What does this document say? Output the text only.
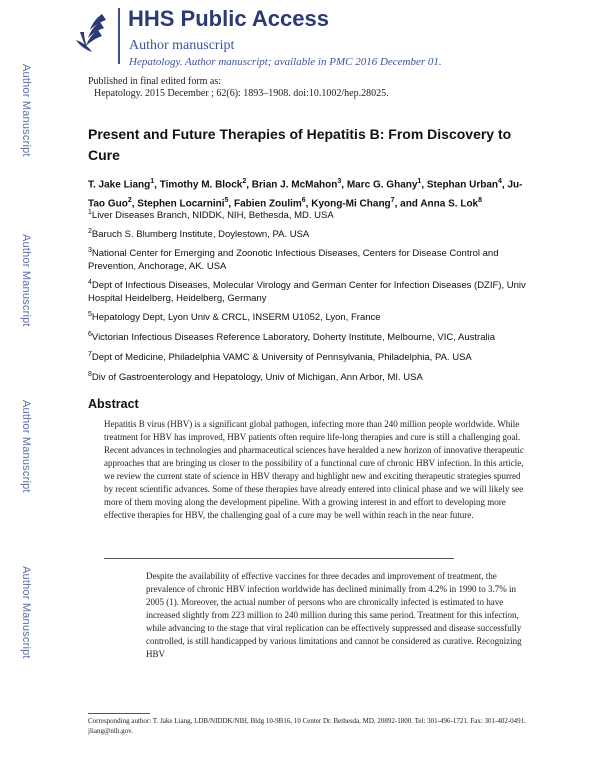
Author Manuscript
Author Manuscript
Author Manuscript
Author Manuscript
HHS Public Access
Author manuscript
Hepatology. Author manuscript; available in PMC 2016 December 01.
Published in final edited form as:
Hepatology. 2015 December ; 62(6): 1893–1908. doi:10.1002/hep.28025.
Present and Future Therapies of Hepatitis B: From Discovery to Cure
T. Jake Liang$^1$, Timothy M. Block$^2$, Brian J. McMahon$^3$, Marc G. Ghany$^1$, Stephan Urban$^4$, Ju-Tao Guo$^2$, Stephen Locarnini$^5$, Fabien Zoulim$^6$, Kyong-Mi Chang$^7$, and Anna S. Lok$^8$
$^1$Liver Diseases Branch, NIDDK, NIH, Bethesda, MD. USA
$^2$Baruch S. Blumberg Institute, Doylestown, PA. USA
$^3$National Center for Emerging and Zoonotic Infectious Diseases, Centers for Disease Control and Prevention, Anchorage, AK. USA
$^4$Dept of Infectious Diseases, Molecular Virology and German Center for Infection Diseases (DZIF), Univ Hospital Heidelberg, Heidelberg, Germany
$^5$Hepatology Dept, Lyon Univ & CRCL, INSERM U1052, Lyon, France
$^6$Victorian Infectious Diseases Reference Laboratory, Doherty Institute, Melbourne, VIC, Australia
$^7$Dept of Medicine, Philadelphia VAMC & University of Pennsylvania, Philadelphia, PA. USA
$^8$Div of Gastroenterology and Hepatology, Univ of Michigan, Ann Arbor, MI. USA
Abstract
Hepatitis B virus (HBV) is a significant global pathogen, infecting more than 240 million people worldwide. While treatment for HBV has improved, HBV patients often require life-long therapies and cure is still a challenging goal. Recent advances in technologies and pharmaceutical sciences have heralded a new horizon of innovative therapeutic approaches that are bringing us closer to the possibility of a functional cure of chronic HBV infection. In this article, we review the current state of science in HBV therapy and highlight new and exciting therapeutic strategies spurred by recent scientific advances. Some of these therapies have already entered into clinical phase and we will likely see more of them moving along the development pipeline. With a growing interest in and effort to developing more effective therapies for HBV, the challenging goal of a cure may be well within reach in the near future.
Despite the availability of effective vaccines for three decades and improvement of treatment, the prevalence of chronic HBV infection worldwide has declined minimally from 4.2% in 1990 to 3.7% in 2005 (1). Moreover, the actual number of persons who are chronically infected is estimated to have increased slightly from 223 million to 240 million during this same period. Treatment for this infection, while advancing to the stage that viral replication can be effectively suppressed and disease successfully controlled, is still handicapped by various limitations and cannot be considered as curative. Recognizing HBV
Corresponding author: T. Jake Liang, LDB/NIDDK/NIH, Bldg 10-9B16, 10 Center Dr. Bethesda, MD. 20892-1800. Tel: 301-496-1721. Fax: 301-402-0491. jliang@nih.gov.
